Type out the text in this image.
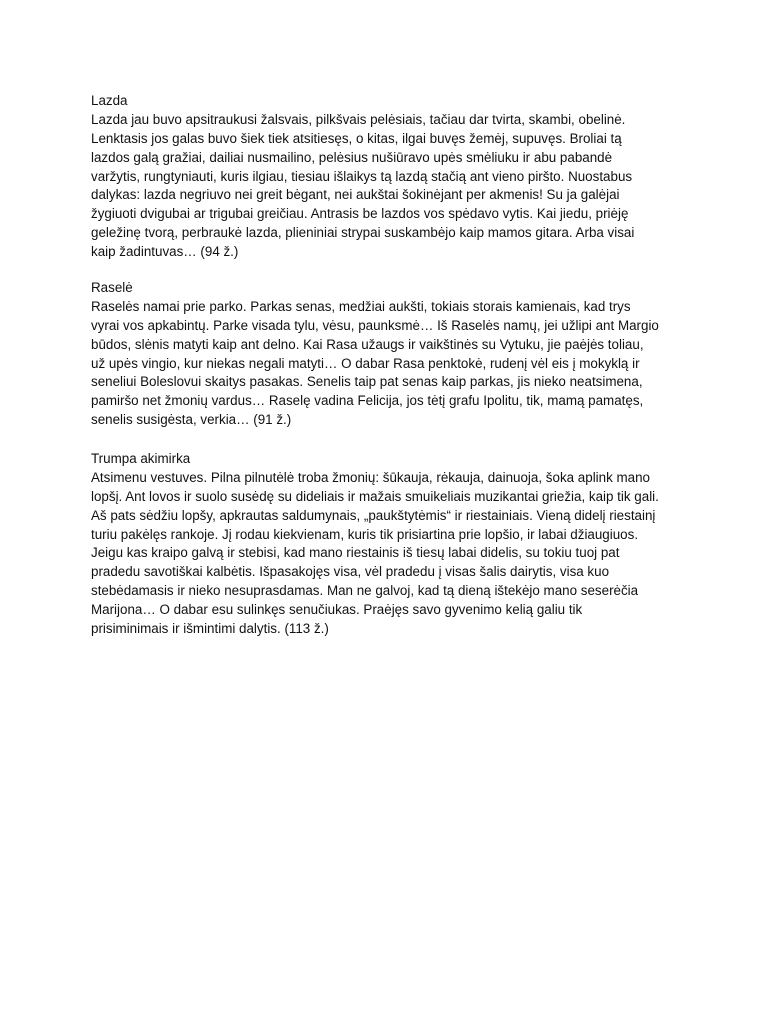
Lazda
Lazda jau buvo apsitraukusi žalsvais, pilkšvais pelėsiais, tačiau dar tvirta, skambi, obelinė.
Lenktasis jos galas buvo šiek tiek atsitiesęs, o kitas, ilgai buvęs žemėj, supuvęs. Broliai tą
lazdos galą gražiai, dailiai nusmailino, pelėsius nušiūravo upės smėliuku ir abu pabandė
varžytis, rungtyniauti, kuris ilgiau, tiesiau išlaikys tą lazdą stačią ant vieno piršto. Nuostabus
dalykas: lazda negriuvo nei greit bėgant, nei aukštai šokinėjant per akmenis! Su ja galėjai
žygiuoti dvigubai ar trigubai greičiau. Antrasis be lazdos vos spėdavo vytis. Kai jiedu, priėję
geležinę tvorą, perbraukė lazda, plieniniai strypai suskambėjo kaip mamos gitara. Arba visai
kaip žadintuvas… (94 ž.)
Raselė
Raselės namai prie parko. Parkas senas, medžiai aukšti, tokiais storais kamienais, kad trys
vyrai vos apkabintų. Parke visada tylu, vėsu, paunksmė… Iš Raselės namų, jei užlipi ant Margio
būdos, slėnis matyti kaip ant delno. Kai Rasa užaugs ir vaikštinės su Vytuku, jie paėjės toliau,
už upės vingio, kur niekas negali matyti… O dabar Rasa penktokė, rudenį vėl eis į mokyklą ir
seneliui Boleslovui skaitys pasakas. Senelis taip pat senas kaip parkas, jis nieko neatsimena,
pamiršo net žmonių vardus… Raselę vadina Felicija, jos tėtį grafu Ipolitu, tik, mamą pamatęs,
senelis susigėsta, verkia… (91 ž.)
Trumpa akimirka
Atsimenu vestuves. Pilna pilnutėlė troba žmonių: šūkauja, rėkauja, dainuoja, šoka aplink mano
lopšį. Ant lovos ir suolo susėdę su dideliais ir mažais smuikeliais muzikantai griežia, kaip tik gali.
Aš pats sėdžiu lopšy, apkrautas saldumynais, „paukštytėmis“ ir riestainiais. Vieną didelį riestainį
turiu pakėlęs rankoje. Jį rodau kiekvienam, kuris tik prisiartina prie lopšio, ir labai džiaugiuos.
Jeigu kas kraipo galvą ir stebisi, kad mano riestainis iš tiesų labai didelis, su tokiu tuoj pat
pradedu savotiškai kalbėtis. Išpasakojęs visa, vėl pradedu į visas šalis dairytis, visa kuo
stebėdamasis ir nieko nesuprasdamas. Man ne galvoj, kad tą dieną ištekėjo mano seserėčia
Marijona… O dabar esu sulinkęs senučiukas. Praėjęs savo gyvenimo kelią galiu tik
prisiminimais ir išmintimi dalytis. (113 ž.)
